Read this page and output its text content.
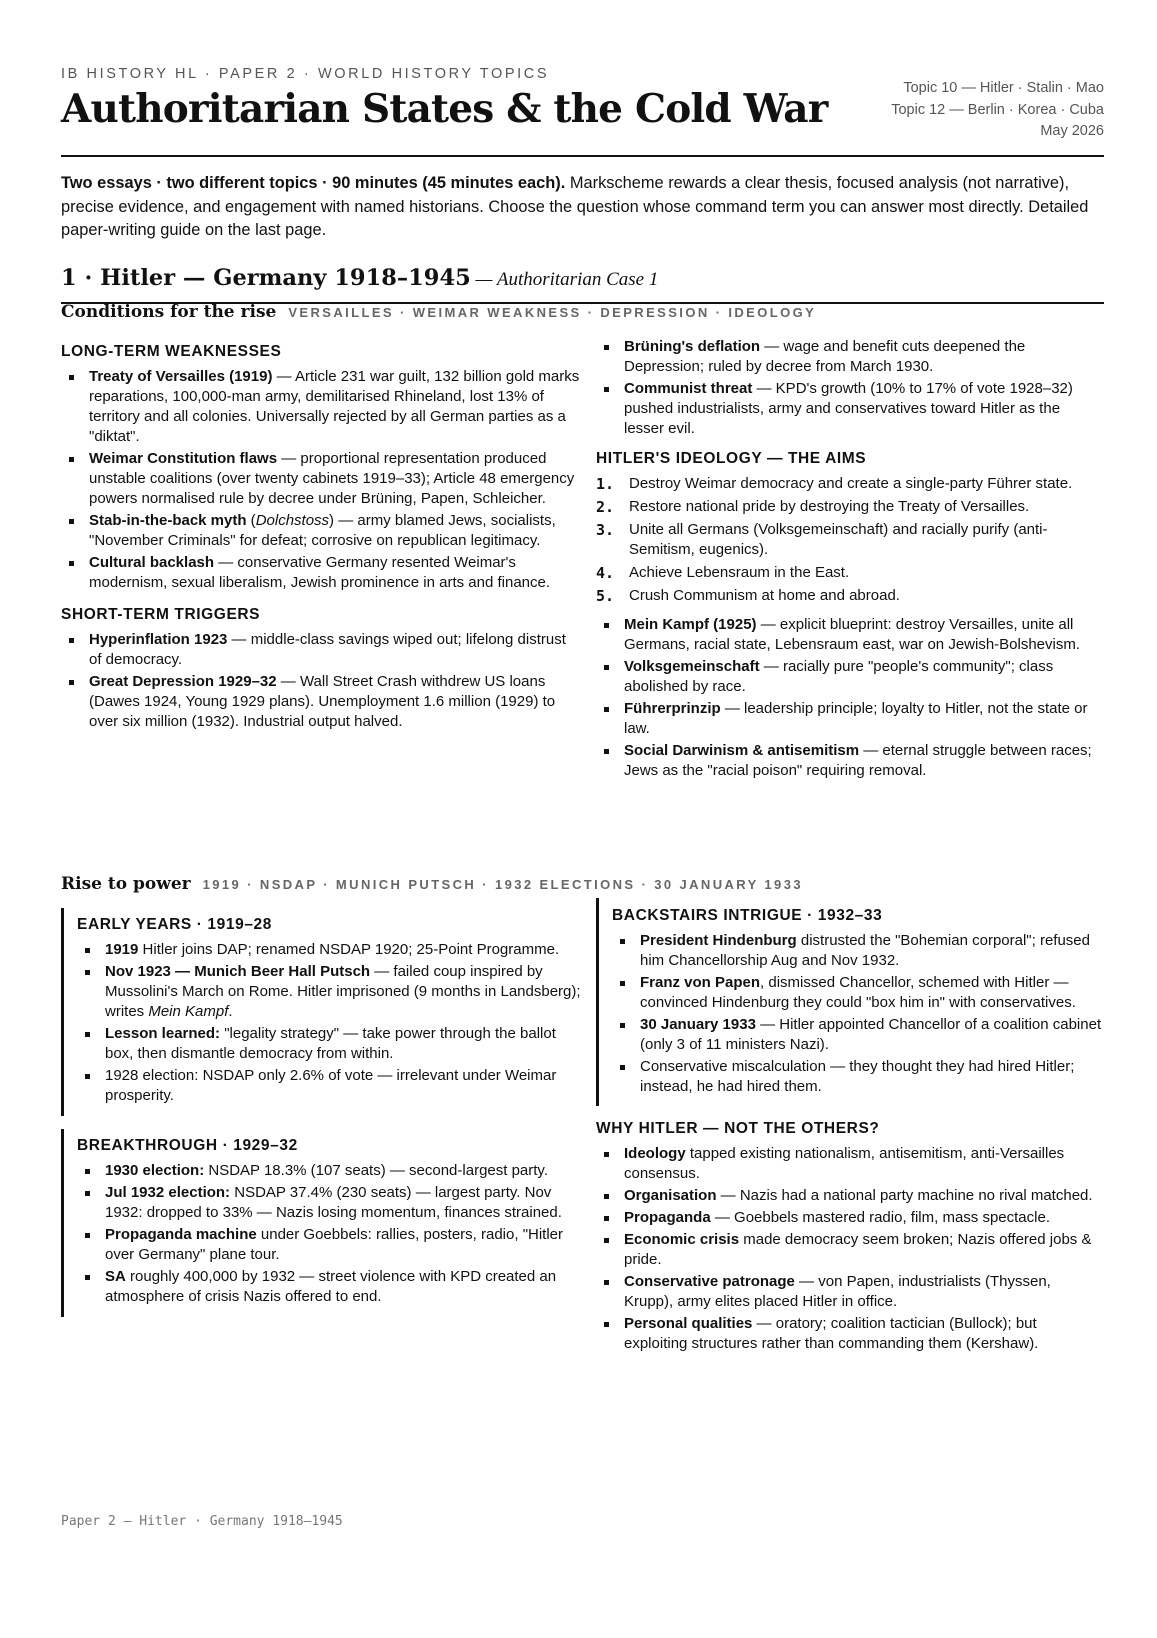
IB HISTORY HL · PAPER 2 · WORLD HISTORY TOPICS
Authoritarian States & the Cold War	Topic 10 — Hitler · Stalin · Mao
Topic 12 — Berlin · Korea · Cuba
May 2026

Two essays · two different topics · 90 minutes (45 minutes each). Markscheme rewards a clear thesis, focused analysis (not narrative), precise evidence, and engagement with named historians. Choose the question whose command term you can answer most directly. Detailed paper-writing guide on the last page.

1 · Hitler — Germany 1918–1945 — Authoritarian Case 1
Conditions for the rise VERSAILLES · WEIMAR WEAKNESS · DEPRESSION · IDEOLOGY
LONG-TERM WEAKNESSES
Treaty of Versailles (1919) — Article 231 war guilt, 132 billion gold marks reparations, 100,000-man army, demilitarised Rhineland, lost 13% of territory and all colonies. Universally rejected by all German parties as a "diktat".
Weimar Constitution flaws — proportional representation produced unstable coalitions (over twenty cabinets 1919–33); Article 48 emergency powers normalised rule by decree under Brüning, Papen, Schleicher.
Stab-in-the-back myth (Dolchstoss) — army blamed Jews, socialists, "November Criminals" for defeat; corrosive on republican legitimacy.
Cultural backlash — conservative Germany resented Weimar's modernism, sexual liberalism, Jewish prominence in arts and finance.
SHORT-TERM TRIGGERS
Hyperinflation 1923 — middle-class savings wiped out; lifelong distrust of democracy.
Great Depression 1929–32 — Wall Street Crash withdrew US loans (Dawes 1924, Young 1929 plans). Unemployment 1.6 million (1929) to over six million (1932). Industrial output halved.
Brüning's deflation — wage and benefit cuts deepened the Depression; ruled by decree from March 1930.
Communist threat — KPD's growth (10% to 17% of vote 1928–32) pushed industrialists, army and conservatives toward Hitler as the lesser evil.
HITLER'S IDEOLOGY — THE AIMS
1. Destroy Weimar democracy and create a single-party Führer state.
2. Restore national pride by destroying the Treaty of Versailles.
3. Unite all Germans (Volksgemeinschaft) and racially purify (anti-Semitism, eugenics).
4. Achieve Lebensraum in the East.
5. Crush Communism at home and abroad.
Mein Kampf (1925) — explicit blueprint: destroy Versailles, unite all Germans, racial state, Lebensraum east, war on Jewish-Bolshevism.
Volksgemeinschaft — racially pure "people's community"; class abolished by race.
Führerprinzip — leadership principle; loyalty to Hitler, not the state or law.
Social Darwinism & antisemitism — eternal struggle between races; Jews as the "racial poison" requiring removal.
Rise to power 1919 · NSDAP · MUNICH PUTSCH · 1932 ELECTIONS · 30 JANUARY 1933
EARLY YEARS · 1919–28
1919 Hitler joins DAP; renamed NSDAP 1920; 25-Point Programme.
Nov 1923 — Munich Beer Hall Putsch — failed coup inspired by Mussolini's March on Rome. Hitler imprisoned (9 months in Landsberg); writes Mein Kampf.
Lesson learned: "legality strategy" — take power through the ballot box, then dismantle democracy from within.
1928 election: NSDAP only 2.6% of vote — irrelevant under Weimar prosperity.
BREAKTHROUGH · 1929–32
1930 election: NSDAP 18.3% (107 seats) — second-largest party.
Jul 1932 election: NSDAP 37.4% (230 seats) — largest party. Nov 1932: dropped to 33% — Nazis losing momentum, finances strained.
Propaganda machine under Goebbels: rallies, posters, radio, "Hitler over Germany" plane tour.
SA roughly 400,000 by 1932 — street violence with KPD created an atmosphere of crisis Nazis offered to end.
BACKSTAIRS INTRIGUE · 1932–33
President Hindenburg distrusted the "Bohemian corporal"; refused him Chancellorship Aug and Nov 1932.
Franz von Papen, dismissed Chancellor, schemed with Hitler — convinced Hindenburg they could "box him in" with conservatives.
30 January 1933 — Hitler appointed Chancellor of a coalition cabinet (only 3 of 11 ministers Nazi).
Conservative miscalculation — they thought they had hired Hitler; instead, he had hired them.
WHY HITLER — NOT THE OTHERS?
Ideology tapped existing nationalism, antisemitism, anti-Versailles consensus.
Organisation — Nazis had a national party machine no rival matched.
Propaganda — Goebbels mastered radio, film, mass spectacle.
Economic crisis made democracy seem broken; Nazis offered jobs & pride.
Conservative patronage — von Papen, industrialists (Thyssen, Krupp), army elites placed Hitler in office.
Personal qualities — oratory; coalition tactician (Bullock); but exploiting structures rather than commanding them (Kershaw).
Paper 2 — Hitler · Germany 1918–1945
